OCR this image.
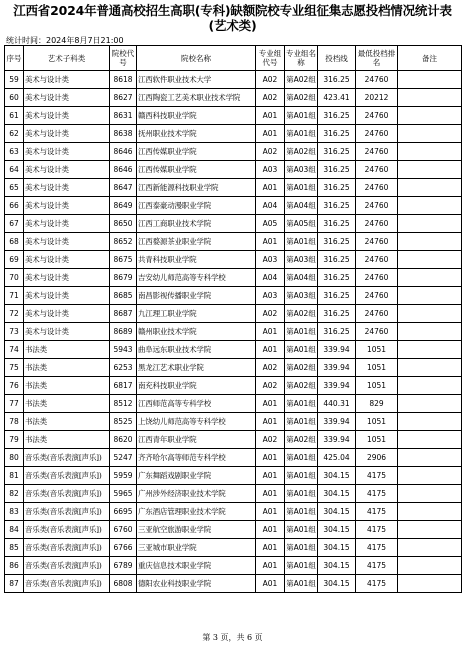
江西省2024年普通高校招生高职(专科)缺额院校专业组征集志愿投档情况统计表
(艺术类)
统计时间：2024年8月7日21:00
序号	艺术子科类	院校代号	院校名称	专业组代号	专业组名称	投档线	最低投档排名	备注
59	美术与设计类	8618	江西软件职业技术大学	A02	第A02组	316.25	24760	
60	美术与设计类	8627	江西陶瓷工艺美术职业技术学院	A02	第A02组	423.41	20212	
61	美术与设计类	8631	赣西科技职业学院	A01	第A01组	316.25	24760	
62	美术与设计类	8638	抚州职业技术学院	A01	第A01组	316.25	24760	
63	美术与设计类	8646	江西传媒职业学院	A02	第A02组	316.25	24760	
64	美术与设计类	8646	江西传媒职业学院	A03	第A03组	316.25	24760	
65	美术与设计类	8647	江西新能源科技职业学院	A01	第A01组	316.25	24760	
66	美术与设计类	8649	江西泰豪动漫职业学院	A04	第A04组	316.25	24760	
67	美术与设计类	8650	江西工商职业技术学院	A05	第A05组	316.25	24760	
68	美术与设计类	8652	江西婺源茶业职业学院	A01	第A01组	316.25	24760	
69	美术与设计类	8675	共青科技职业学院	A03	第A03组	316.25	24760	
70	美术与设计类	8679	吉安幼儿师范高等专科学校	A04	第A04组	316.25	24760	
71	美术与设计类	8685	南昌影视传播职业学院	A03	第A03组	316.25	24760	
72	美术与设计类	8687	九江理工职业学院	A02	第A02组	316.25	24760	
73	美术与设计类	8689	赣州职业技术学院	A01	第A01组	316.25	24760	
74	书法类	5943	曲阜远东职业技术学院	A01	第A01组	339.94	1051	
75	书法类	6253	黑龙江艺术职业学院	A02	第A02组	339.94	1051	
76	书法类	6817	南充科技职业学院	A02	第A02组	339.94	1051	
77	书法类	8512	江西师范高等专科学校	A01	第A01组	440.31	829	
78	书法类	8525	上饶幼儿师范高等专科学校	A01	第A01组	339.94	1051	
79	书法类	8620	江西青年职业学院	A02	第A02组	339.94	1051	
80	音乐类(音乐表演[声乐])	5247	齐齐哈尔高等师范专科学校	A01	第A01组	425.04	2906	
81	音乐类(音乐表演[声乐])	5959	广东舞蹈戏剧职业学院	A01	第A01组	304.15	4175	
82	音乐类(音乐表演[声乐])	5965	广州涉外经济职业技术学院	A01	第A01组	304.15	4175	
83	音乐类(音乐表演[声乐])	6695	广东酒店管理职业技术学院	A01	第A01组	304.15	4175	
84	音乐类(音乐表演[声乐])	6760	三亚航空旅游职业学院	A01	第A01组	304.15	4175	
85	音乐类(音乐表演[声乐])	6766	三亚城市职业学院	A01	第A01组	304.15	4175	
86	音乐类(音乐表演[声乐])	6789	重庆信息技术职业学院	A01	第A01组	304.15	4175	
87	音乐类(音乐表演[声乐])	6808	德阳农业科技职业学院	A01	第A01组	304.15	4175	
第 3 页，共 6 页
